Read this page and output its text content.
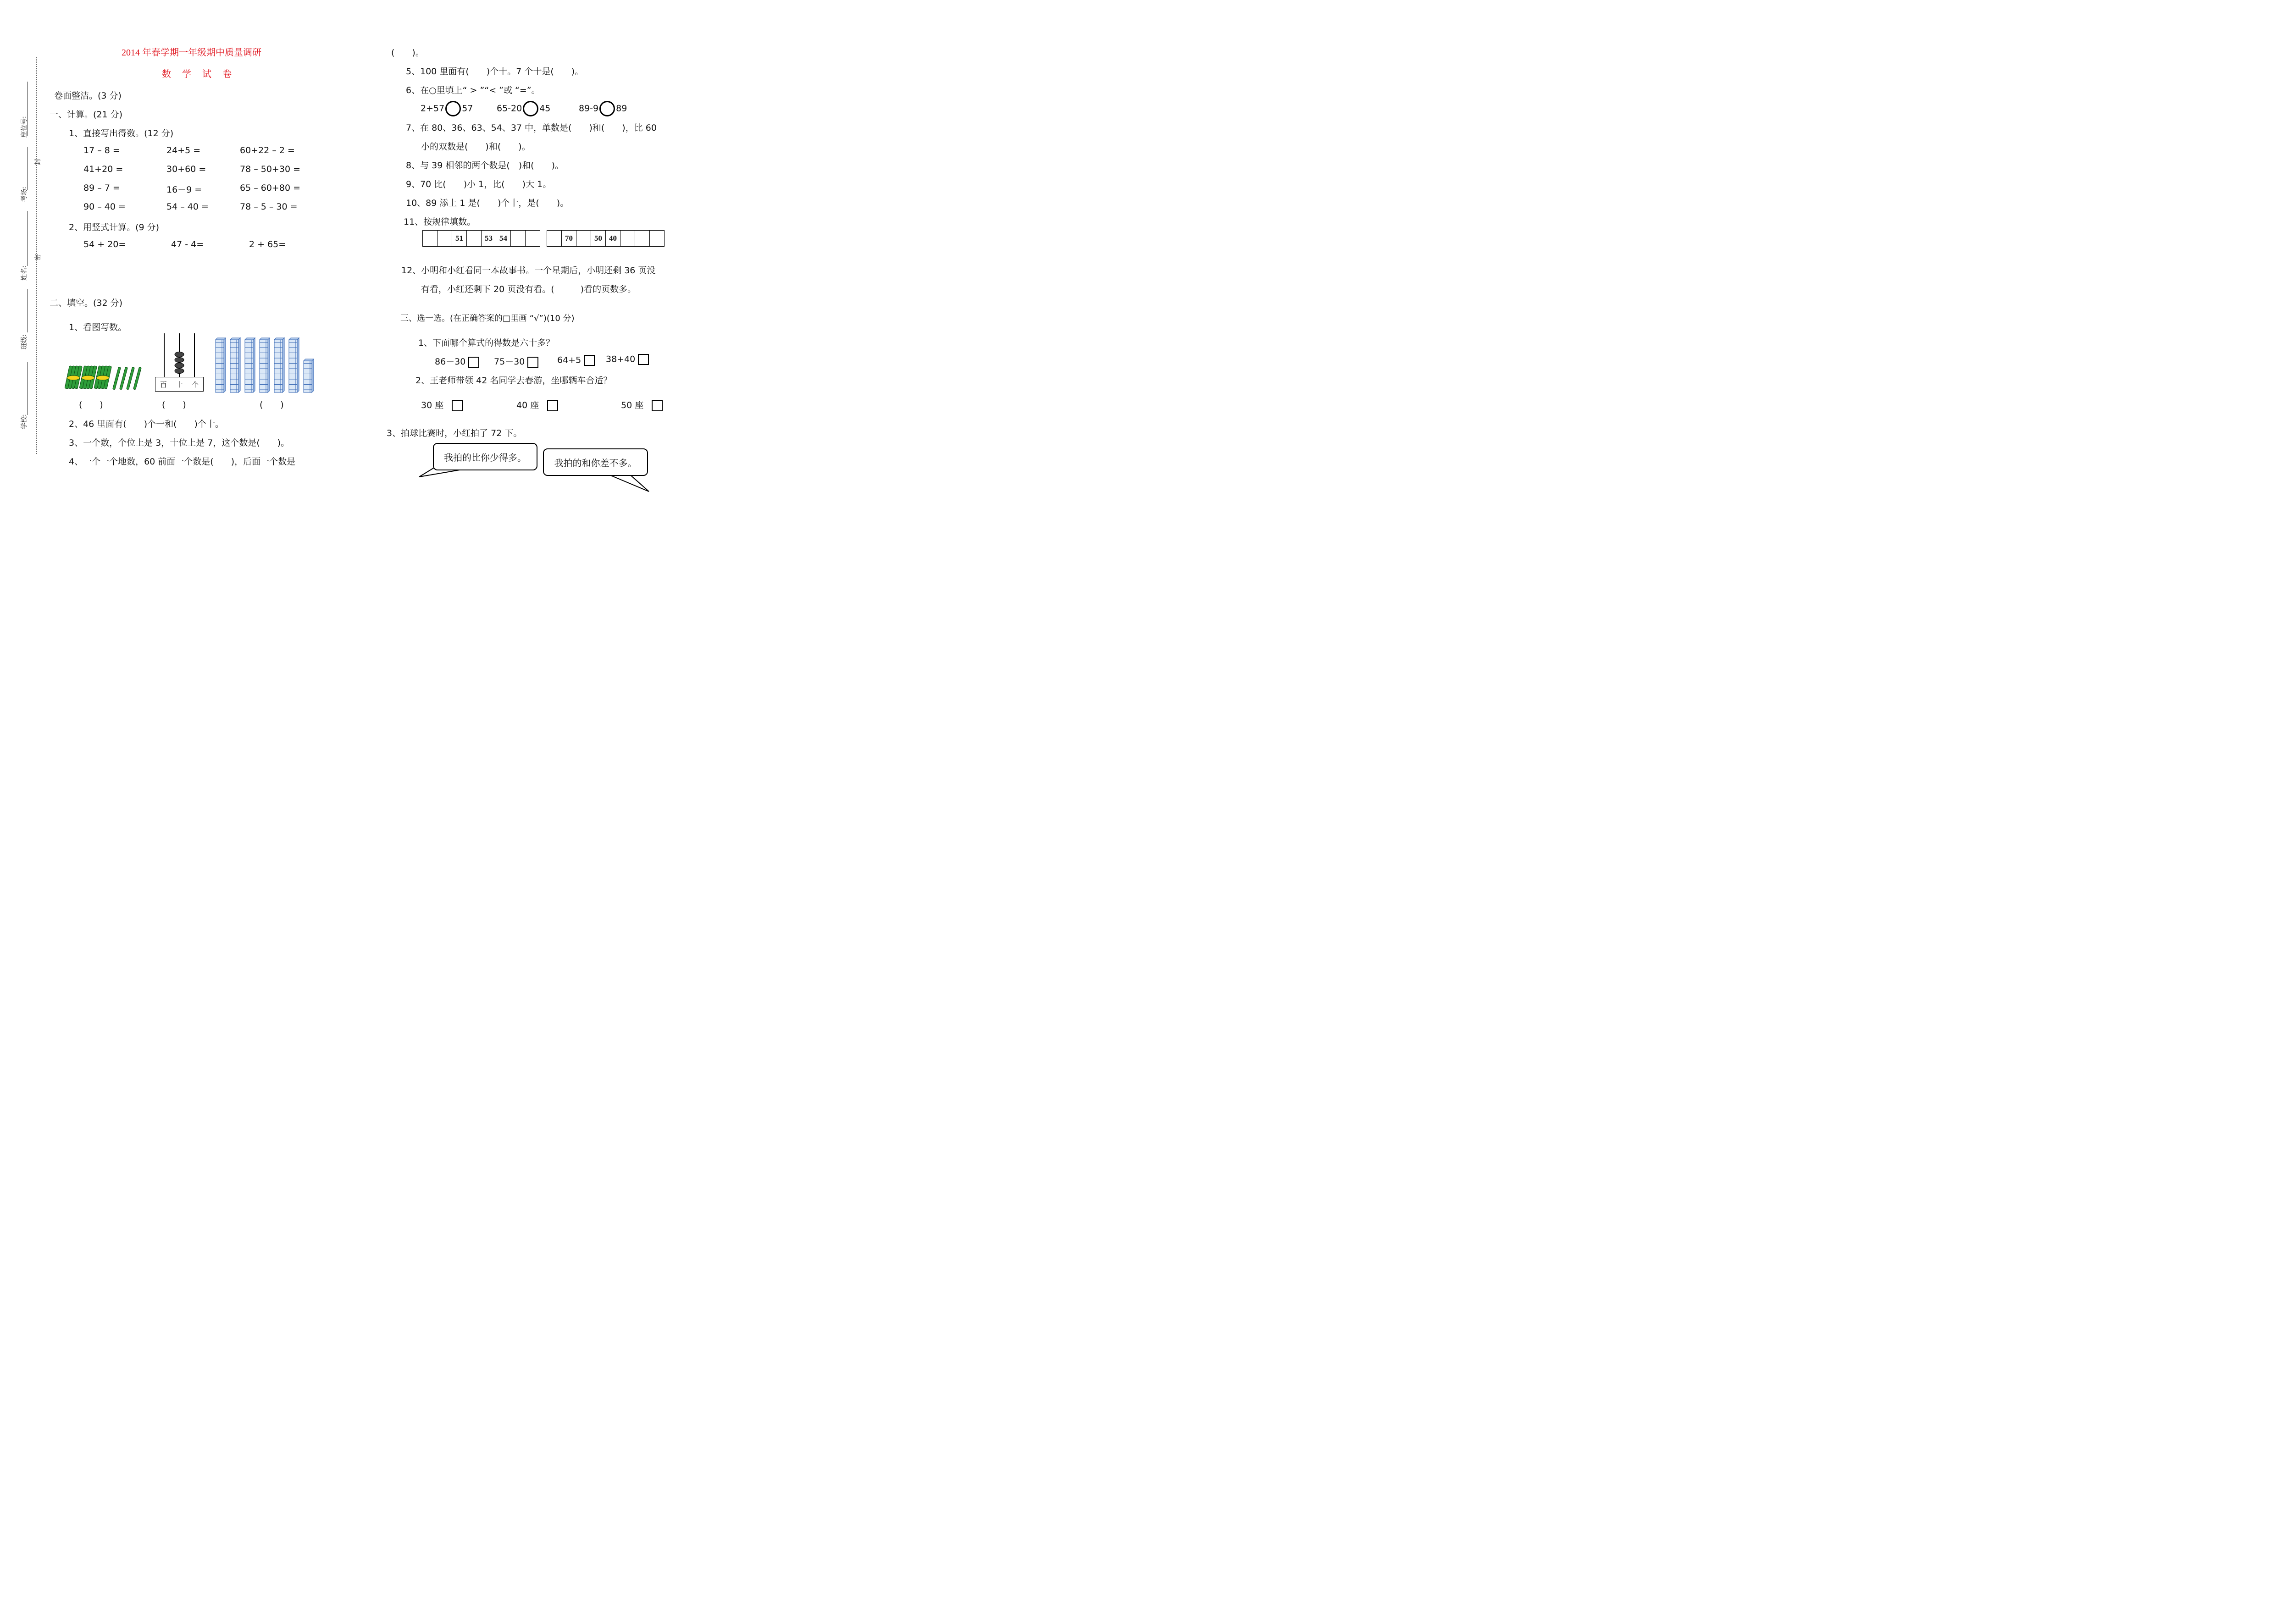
座位号:
封
考场:
密
姓名:
班级:
学校:
2014 年春学期一年级期中质量调研
数　学　试　卷
卷面整洁。(3 分)
一、计算。(21 分)
1、直接写出得数。(12 分)
17 – 8 =	24+5 =	60+22 – 2 =
41+20 =	30+60 =	78 – 50+30 =
89 – 7 =	16－9 =	65 – 60+80 =
90 – 40 =	54 – 40 =	78 – 5 – 30 =
2、用竖式计算。(9 分)
54 + 20=	47 - 4=	2 + 65=
二、填空。(32 分)
1、看图写数。
百 十 个
(　　)	(　　)	(　　)
2、46 里面有(　　)个一和(　　)个十。
3、一个数，个位上是 3，十位上是 7，这个数是(　　)。
4、一个一个地数，60 前面一个数是(　　)，后面一个数是
(　　)。
5、100 里面有(　　)个十。7 个十是(　　)。
6、在○里填上“ > ”“< ”或 “=”。
2+57 57	65-20 45	89-9 89
7、在 80、36、63、54、37 中，单数是(　　)和(　　)，比 60
小的双数是(　　)和(　　)。
8、与 39 相邻的两个数是(　)和(　　)。
9、70 比(　　)小 1，比(　　)大 1。
10、89 添上 1 是(　　)个十，是(　　)。
11、按规律填数。
		51		53	54		
		70		50	40			
12、小明和小红看同一本故事书。一个星期后，小明还剩 36 页没
有看，小红还剩下 20 页没有看。(　　　)看的页数多。
三、选一选。(在正确答案的□里画 “√”)(10 分)
1、下面哪个算式的得数是六十多？
86－30	75－30	64+5	38+40
2、王老师带领 42 名同学去春游，坐哪辆车合适？
30 座	40 座	50 座
3、拍球比赛时，小红拍了 72 下。
我拍的比你少得多。	我拍的和你差不多。
